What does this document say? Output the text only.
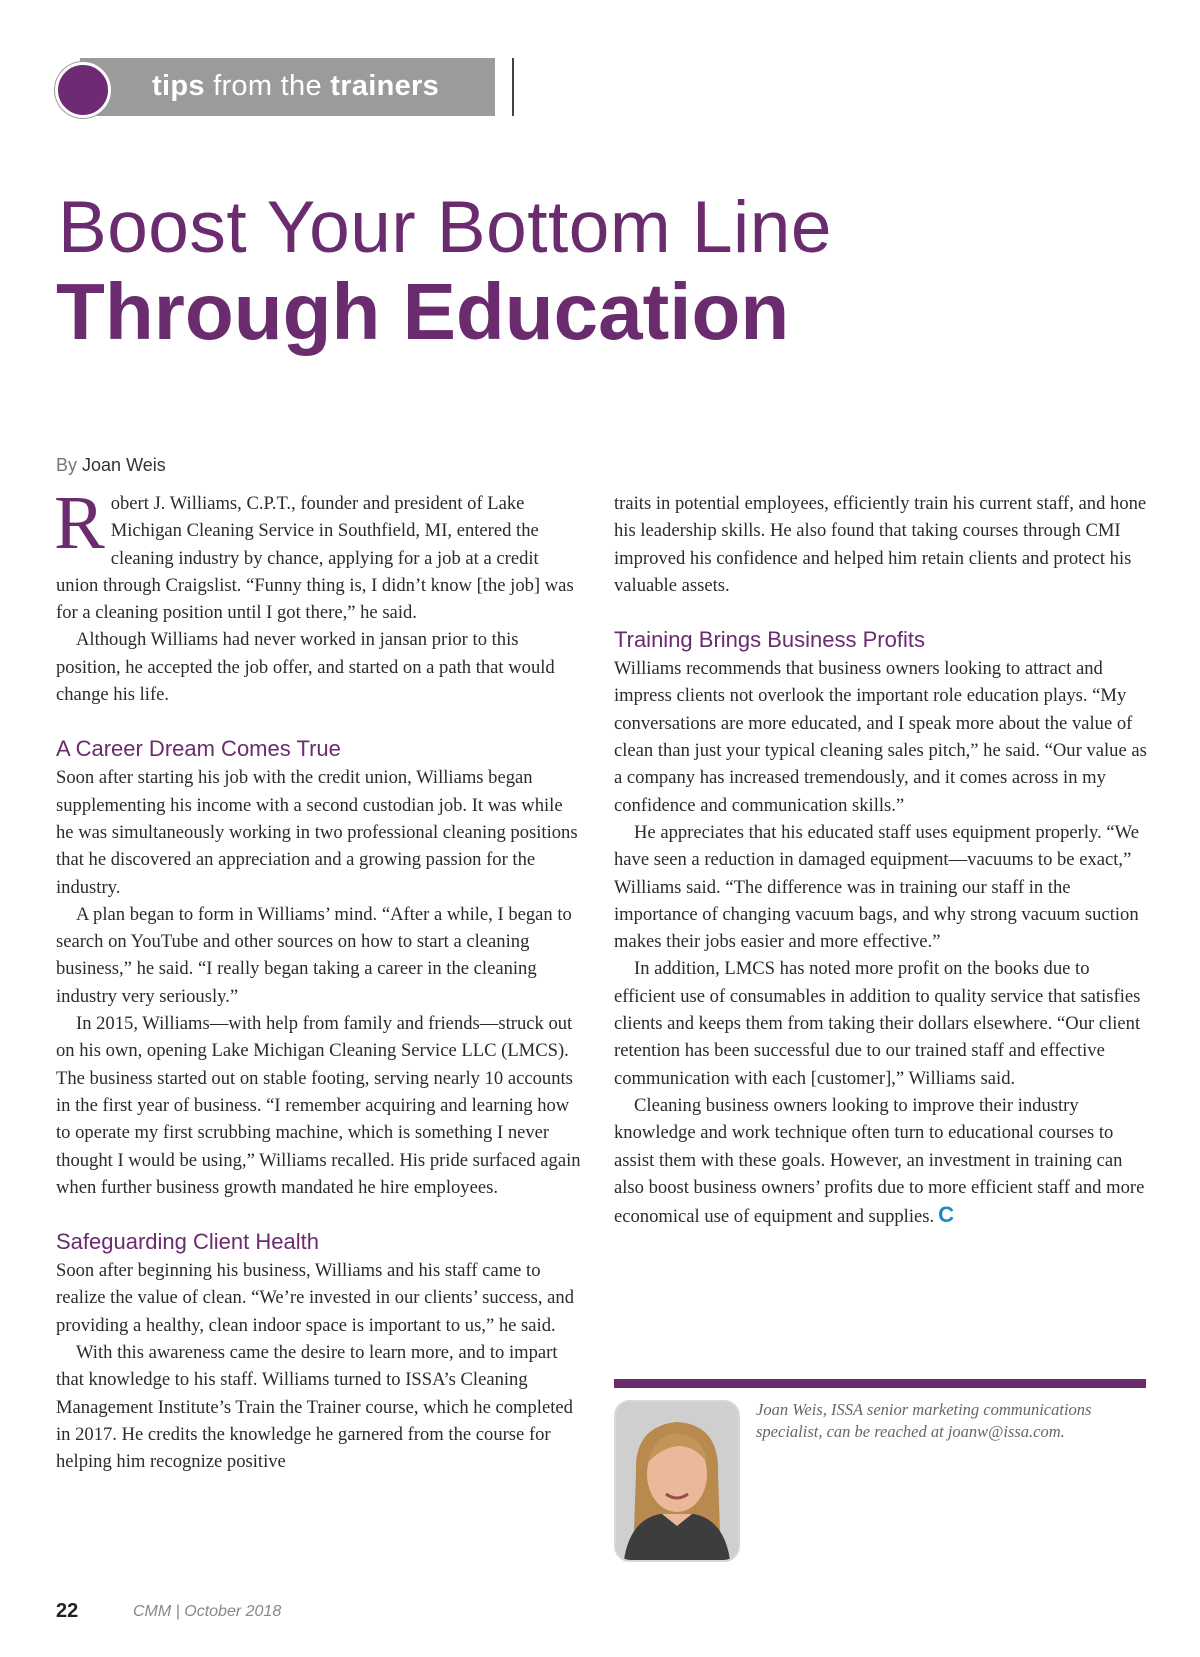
tips from the trainers
Boost Your Bottom Line
Through Education
By Joan Weis

Robert J. Williams, C.P.T., founder and president of Lake Michigan Cleaning Service in Southfield, MI, entered the cleaning industry by chance, applying for a job at a credit union through Craigslist. “Funny thing is, I didn’t know [the job] was for a cleaning position until I got there,” he said.

Although Williams had never worked in jansan prior to this position, he accepted the job offer, and started on a path that would change his life.

A Career Dream Comes True

Soon after starting his job with the credit union, Williams began supplementing his income with a second custodian job. It was while he was simultaneously working in two professional cleaning positions that he discovered an appreciation and a growing passion for the industry.

A plan began to form in Williams’ mind. “After a while, I began to search on YouTube and other sources on how to start a cleaning business,” he said. “I really began taking a career in the cleaning industry very seriously.”

In 2015, Williams—with help from family and friends—struck out on his own, opening Lake Michigan Cleaning Service LLC (LMCS). The business started out on stable footing, serving nearly 10 accounts in the first year of business. “I remember acquiring and learning how to operate my first scrubbing machine, which is something I never thought I would be using,” Williams recalled. His pride surfaced again when further business growth mandated he hire employees.

Safeguarding Client Health

Soon after beginning his business, Williams and his staff came to realize the value of clean. “We’re invested in our clients’ success, and providing a healthy, clean indoor space is important to us,” he said.

With this awareness came the desire to learn more, and to impart that knowledge to his staff. Williams turned to ISSA’s Cleaning Management Institute’s Train the Trainer course, which he completed in 2017. He credits the knowledge he garnered from the course for helping him recognize positive

traits in potential employees, efficiently train his current staff, and hone his leadership skills. He also found that taking courses through CMI improved his confidence and helped him retain clients and protect his valuable assets.

Training Brings Business Profits

Williams recommends that business owners looking to attract and impress clients not overlook the important role education plays. “My conversations are more educated, and I speak more about the value of clean than just your typical cleaning sales pitch,” he said. “Our value as a company has increased tremendously, and it comes across in my confidence and communication skills.”

He appreciates that his educated staff uses equipment properly. “We have seen a reduction in damaged equipment—vacuums to be exact,” Williams said. “The difference was in training our staff in the importance of changing vacuum bags, and why strong vacuum suction makes their jobs easier and more effective.”

In addition, LMCS has noted more profit on the books due to efficient use of consumables in addition to quality service that satisfies clients and keeps them from taking their dollars elsewhere. “Our client retention has been successful due to our trained staff and effective communication with each [customer],” Williams said.

Cleaning business owners looking to improve their industry knowledge and work technique often turn to educational courses to assist them with these goals. However, an investment in training can also boost business owners’ profits due to more efficient staff and more economical use of equipment and supplies. C

Joan Weis, ISSA senior marketing communications specialist, can be reached at joanw@issa.com.
22	CMM | October 2018
